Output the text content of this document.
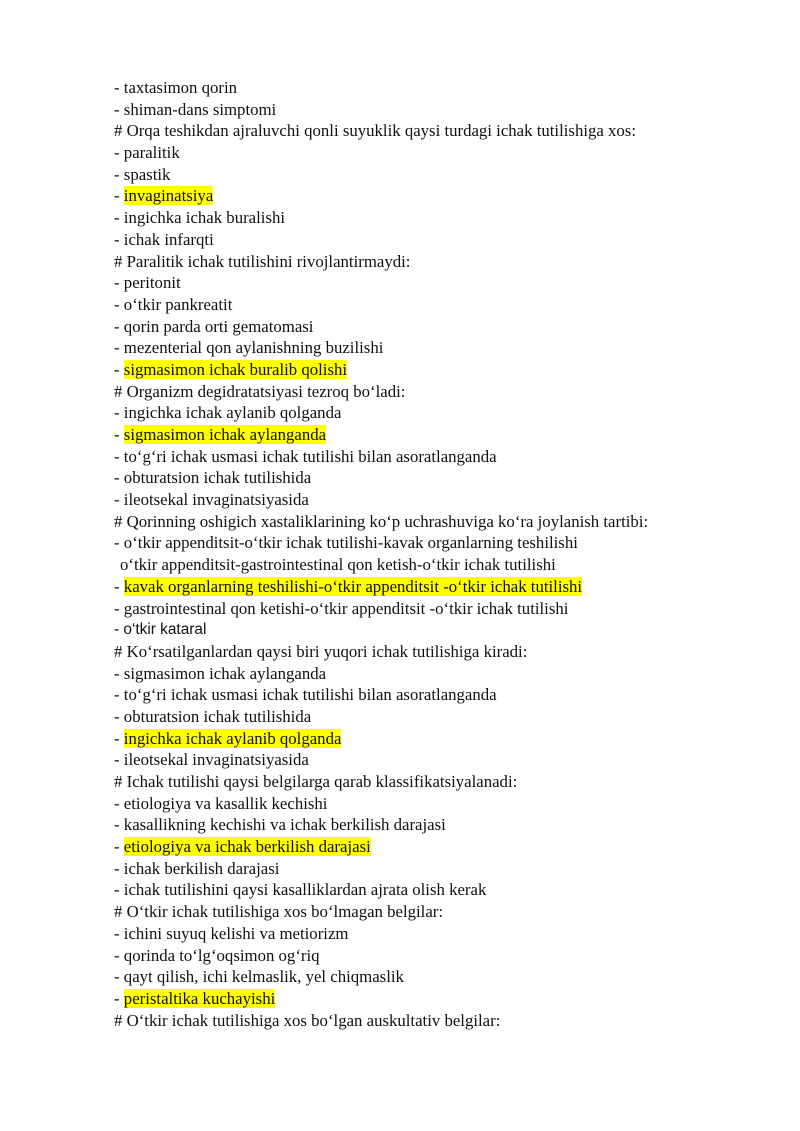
- taxtasimon qorin
- shiman-dans simptomi
# Orqa teshikdan ajraluvchi qonli suyuklik qaysi turdagi ichak tutilishiga xos:
- paralitik
- spastik
- invaginatsiya
- ingichka ichak buralishi
- ichak infarqti
# Paralitik ichak tutilishini rivojlantirmaydi:
- peritonit
- o‘tkir pankreatit
- qorin parda orti gematomasi
- mezenterial qon aylanishning buzilishi
- sigmasimon ichak buralib qolishi
# Organizm degidratatsiyasi tezroq bo‘ladi:
- ingichka ichak aylanib qolganda
- sigmasimon ichak aylanganda
- to‘g‘ri ichak usmasi ichak tutilishi bilan asoratlanganda
- obturatsion ichak tutilishida
- ileotsekal invaginatsiyasida
# Qorinning oshigich xastaliklarining ko‘p uchrashuviga ko‘ra joylanish tartibi:
- o‘tkir appenditsit-o‘tkir ichak tutilishi-kavak organlarning teshilishi
o‘tkir appenditsit-gastrointestinal qon ketish-o‘tkir ichak tutilishi
- kavak organlarning teshilishi-o‘tkir appenditsit -o‘tkir ichak tutilishi
- gastrointestinal qon ketishi-o‘tkir appenditsit -o‘tkir ichak tutilishi
- o‘tkir kataral
# Ko‘rsatilganlardan qaysi biri yuqori ichak tutilishiga kiradi:
- sigmasimon ichak aylanganda
- to‘g‘ri ichak usmasi ichak tutilishi bilan asoratlanganda
- obturatsion ichak tutilishida
- ingichka ichak aylanib qolganda
- ileotsekal invaginatsiyasida
# Ichak tutilishi qaysi belgilarga qarab klassifikatsiyalanadi:
- etiologiya va kasallik kechishi
- kasallikning kechishi va ichak berkilish darajasi
- etiologiya va ichak berkilish darajasi
- ichak berkilish darajasi
- ichak tutilishini qaysi kasalliklardan ajrata olish kerak
# O‘tkir ichak tutilishiga xos bo‘lmagan belgilar:
- ichini suyuq kelishi va metiorizm
- qorinda to‘lg‘oqsimon og‘riq
- qayt qilish, ichi kelmaslik, yel chiqmaslik
- peristaltika kuchayishi
# O‘tkir ichak tutilishiga xos bo‘lgan auskultativ belgilar:
